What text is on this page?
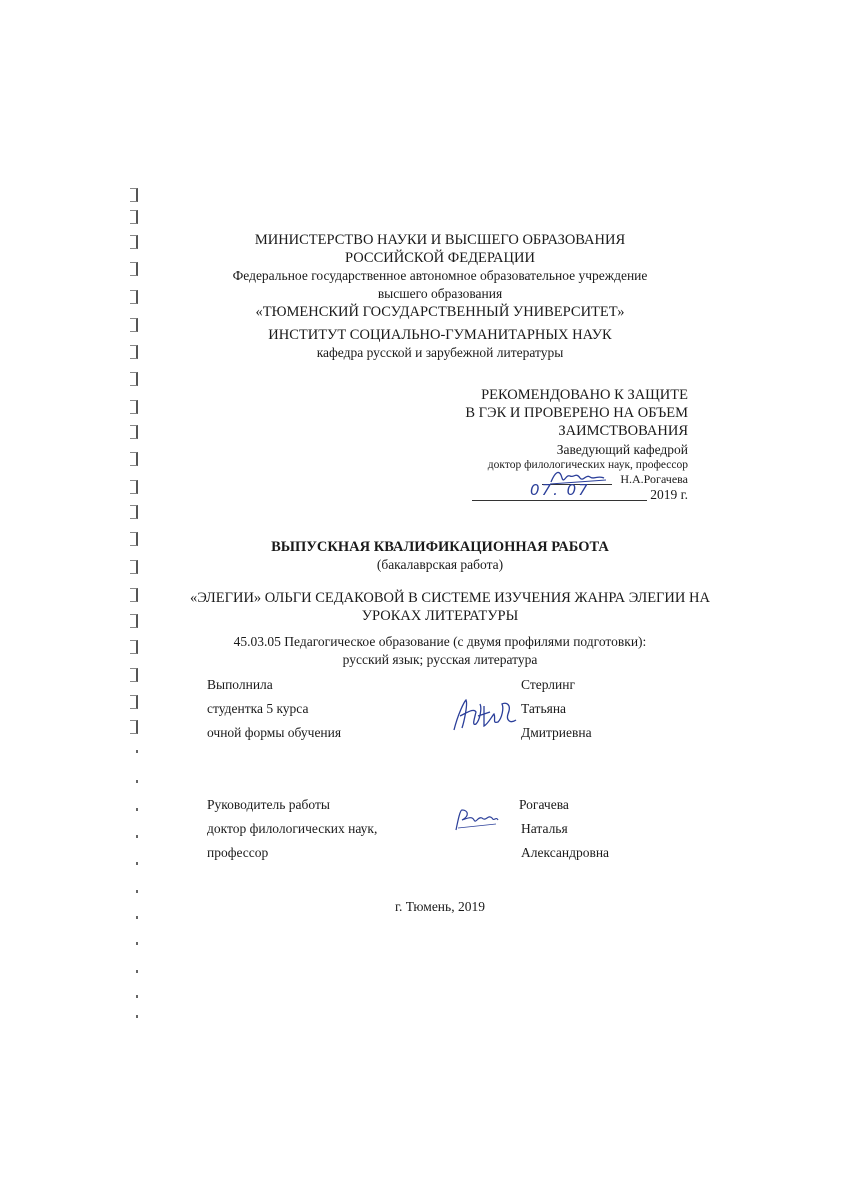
МИНИСТЕРСТВО НАУКИ И ВЫСШЕГО ОБРАЗОВАНИЯ
РОССИЙСКОЙ ФЕДЕРАЦИИ
Федеральное государственное автономное образовательное учреждение
высшего образования
«ТЮМЕНСКИЙ ГОСУДАРСТВЕННЫЙ УНИВЕРСИТЕТ»
ИНСТИТУТ СОЦИАЛЬНО-ГУМАНИТАРНЫХ НАУК
кафедра русской и зарубежной литературы
РЕКОМЕНДОВАНО К ЗАЩИТЕ
В ГЭК И ПРОВЕРЕНО НА ОБЪЕМ
ЗАИМСТВОВАНИЯ
Заведующий кафедрой
доктор филологических наук, профессор
Н.А.Рогачева
07. 07	2019 г.
ВЫПУСКНАЯ КВАЛИФИКАЦИОННАЯ РАБОТА
(бакалаврская работа)
«ЭЛЕГИИ» ОЛЬГИ СЕДАКОВОЙ В СИСТЕМЕ ИЗУЧЕНИЯ ЖАНРА ЭЛЕГИИ НА
УРОКАХ ЛИТЕРАТУРЫ
45.03.05 Педагогическое образование (с двумя профилями подготовки):
русский язык; русская литература
Выполнила
студентка 5 курса
очной формы обучения
Стерлинг
Татьяна
Дмитриевна
Руководитель работы
доктор филологических наук,
профессор
Рогачева
Наталья
Александровна
г. Тюмень, 2019
